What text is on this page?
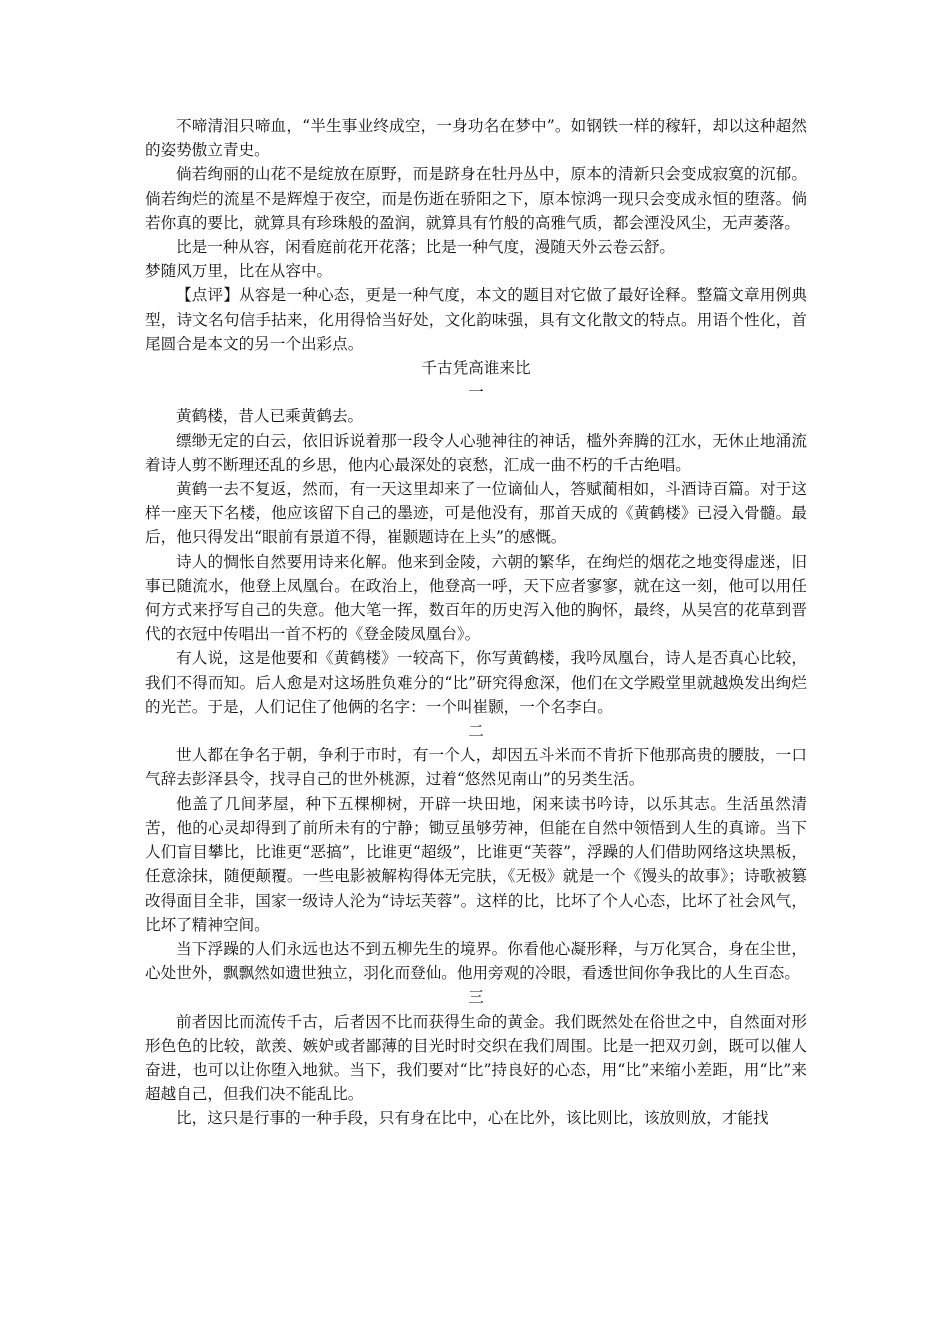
不啼清泪只啼血，“半生事业终成空，一身功名在梦中”。如钢铁一样的稼轩，却以这种超然的姿势傲立青史。

倘若绚丽的山花不是绽放在原野，而是跻身在牡丹丛中，原本的清新只会变成寂寞的沉郁。倘若绚烂的流星不是辉煌于夜空，而是伤逝在骄阳之下，原本惊鸿一现只会变成永恒的堕落。倘若你真的要比，就算具有珍珠般的盈润，就算具有竹般的高雅气质，都会湮没风尘，无声萎落。

比是一种从容，闲看庭前花开花落；比是一种气度，漫随天外云卷云舒。

梦随风万里，比在从容中。

【点评】从容是一种心态，更是一种气度，本文的题目对它做了最好诠释。整篇文章用例典型，诗文名句信手拈来，化用得恰当好处，文化韵味强，具有文化散文的特点。用语个性化，首尾圆合是本文的另一个出彩点。

千古凭高谁来比

一

黄鹤楼，昔人已乘黄鹤去。

缥缈无定的白云，依旧诉说着那一段令人心驰神往的神话，槛外奔腾的江水，无休止地涌流着诗人剪不断理还乱的乡思，他内心最深处的哀愁，汇成一曲不朽的千古绝唱。

黄鹤一去不复返，然而，有一天这里却来了一位谪仙人，答赋蔺相如，斗酒诗百篇。对于这样一座天下名楼，他应该留下自己的墨迹，可是他没有，那首天成的《黄鹤楼》已浸入骨髓。最后，他只得发出“眼前有景道不得，崔颢题诗在上头”的感慨。

诗人的惆怅自然要用诗来化解。他来到金陵，六朝的繁华，在绚烂的烟花之地变得虚迷，旧事已随流水，他登上凤凰台。在政治上，他登高一呼，天下应者寥寥，就在这一刻，他可以用任何方式来抒写自己的失意。他大笔一挥，数百年的历史泻入他的胸怀，最终，从吴宫的花草到晋代的衣冠中传唱出一首不朽的《登金陵凤凰台》。

有人说，这是他要和《黄鹤楼》一较高下，你写黄鹤楼，我吟凤凰台，诗人是否真心比较，我们不得而知。后人愈是对这场胜负难分的“比”研究得愈深，他们在文学殿堂里就越焕发出绚烂的光芒。于是，人们记住了他俩的名字：一个叫崔颢，一个名李白。

二

世人都在争名于朝，争利于市时，有一个人，却因五斗米而不肯折下他那高贵的腰肢，一口气辞去彭泽县令，找寻自己的世外桃源，过着“悠然见南山”的另类生活。

他盖了几间茅屋，种下五棵柳树，开辟一块田地，闲来读书吟诗，以乐其志。生活虽然清苦，他的心灵却得到了前所未有的宁静；锄豆虽够劳神，但能在自然中领悟到人生的真谛。当下人们盲目攀比，比谁更“恶搞”，比谁更“超级”，比谁更“芙蓉”，浮躁的人们借助网络这块黑板，任意涂抹，随便颠覆。一些电影被解构得体无完肤，《无极》就是一个《馒头的故事》；诗歌被篡改得面目全非，国家一级诗人沦为“诗坛芙蓉”。这样的比，比坏了个人心态，比坏了社会风气，比坏了精神空间。

当下浮躁的人们永远也达不到五柳先生的境界。你看他心凝形释，与万化冥合，身在尘世，心处世外，飘飘然如遗世独立，羽化而登仙。他用旁观的冷眼，看透世间你争我比的人生百态。

三

前者因比而流传千古，后者因不比而获得生命的黄金。我们既然处在俗世之中，自然面对形形色色的比较，歆羡、嫉妒或者鄙薄的目光时时交织在我们周围。比是一把双刃剑，既可以催人奋进，也可以让你堕入地狱。当下，我们要对“比”持良好的心态，用“比”来缩小差距，用“比”来超越自己，但我们决不能乱比。

比，这只是行事的一种手段，只有身在比中，心在比外，该比则比，该放则放，才能找
